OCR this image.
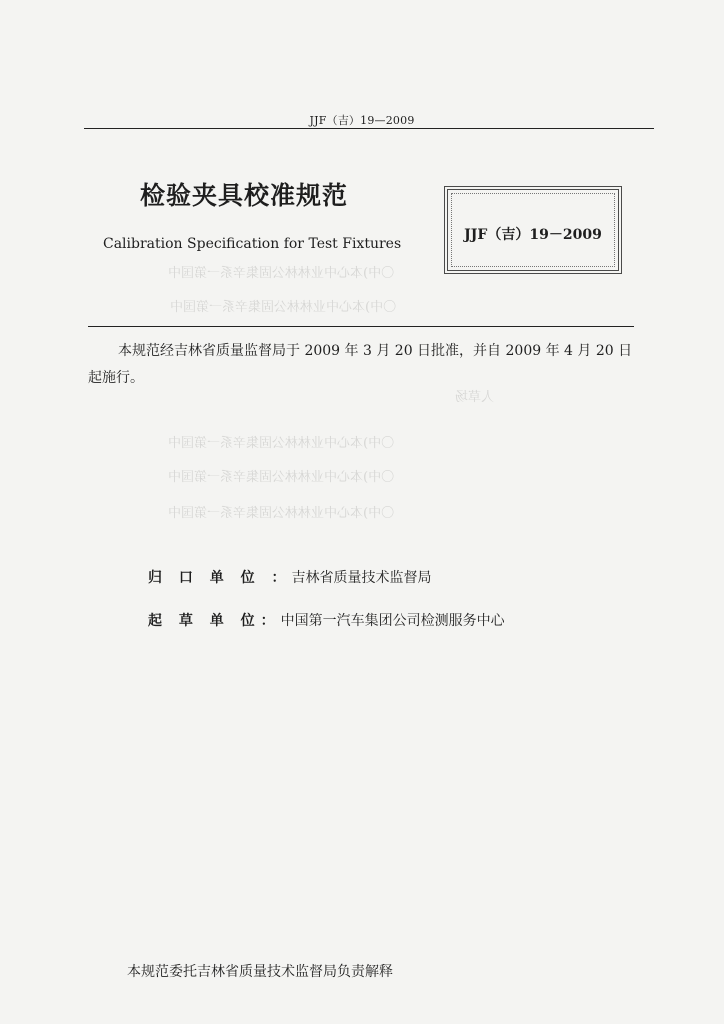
〇中)本心中业林林公固集辛系一第国中
〇中)本心中业林林公固集辛系一第国中
人草场
〇中)本心中业林林公固集辛系一第国中
〇中)本心中业林林公固集辛系一第国中
〇中)本心中业林林公固集辛系一第国中
JJF（吉）19—2009
检验夹具校准规范
Calibration Specification for Test Fixtures
JJF（吉）19－2009
本规范经吉林省质量监督局于 2009 年 3 月 20 日批准，并自 2009 年 4 月 20 日起施行。
归 口 单 位 ：吉林省质量技术监督局
起 草 单 位：中国第一汽车集团公司检测服务中心
本规范委托吉林省质量技术监督局负责解释
